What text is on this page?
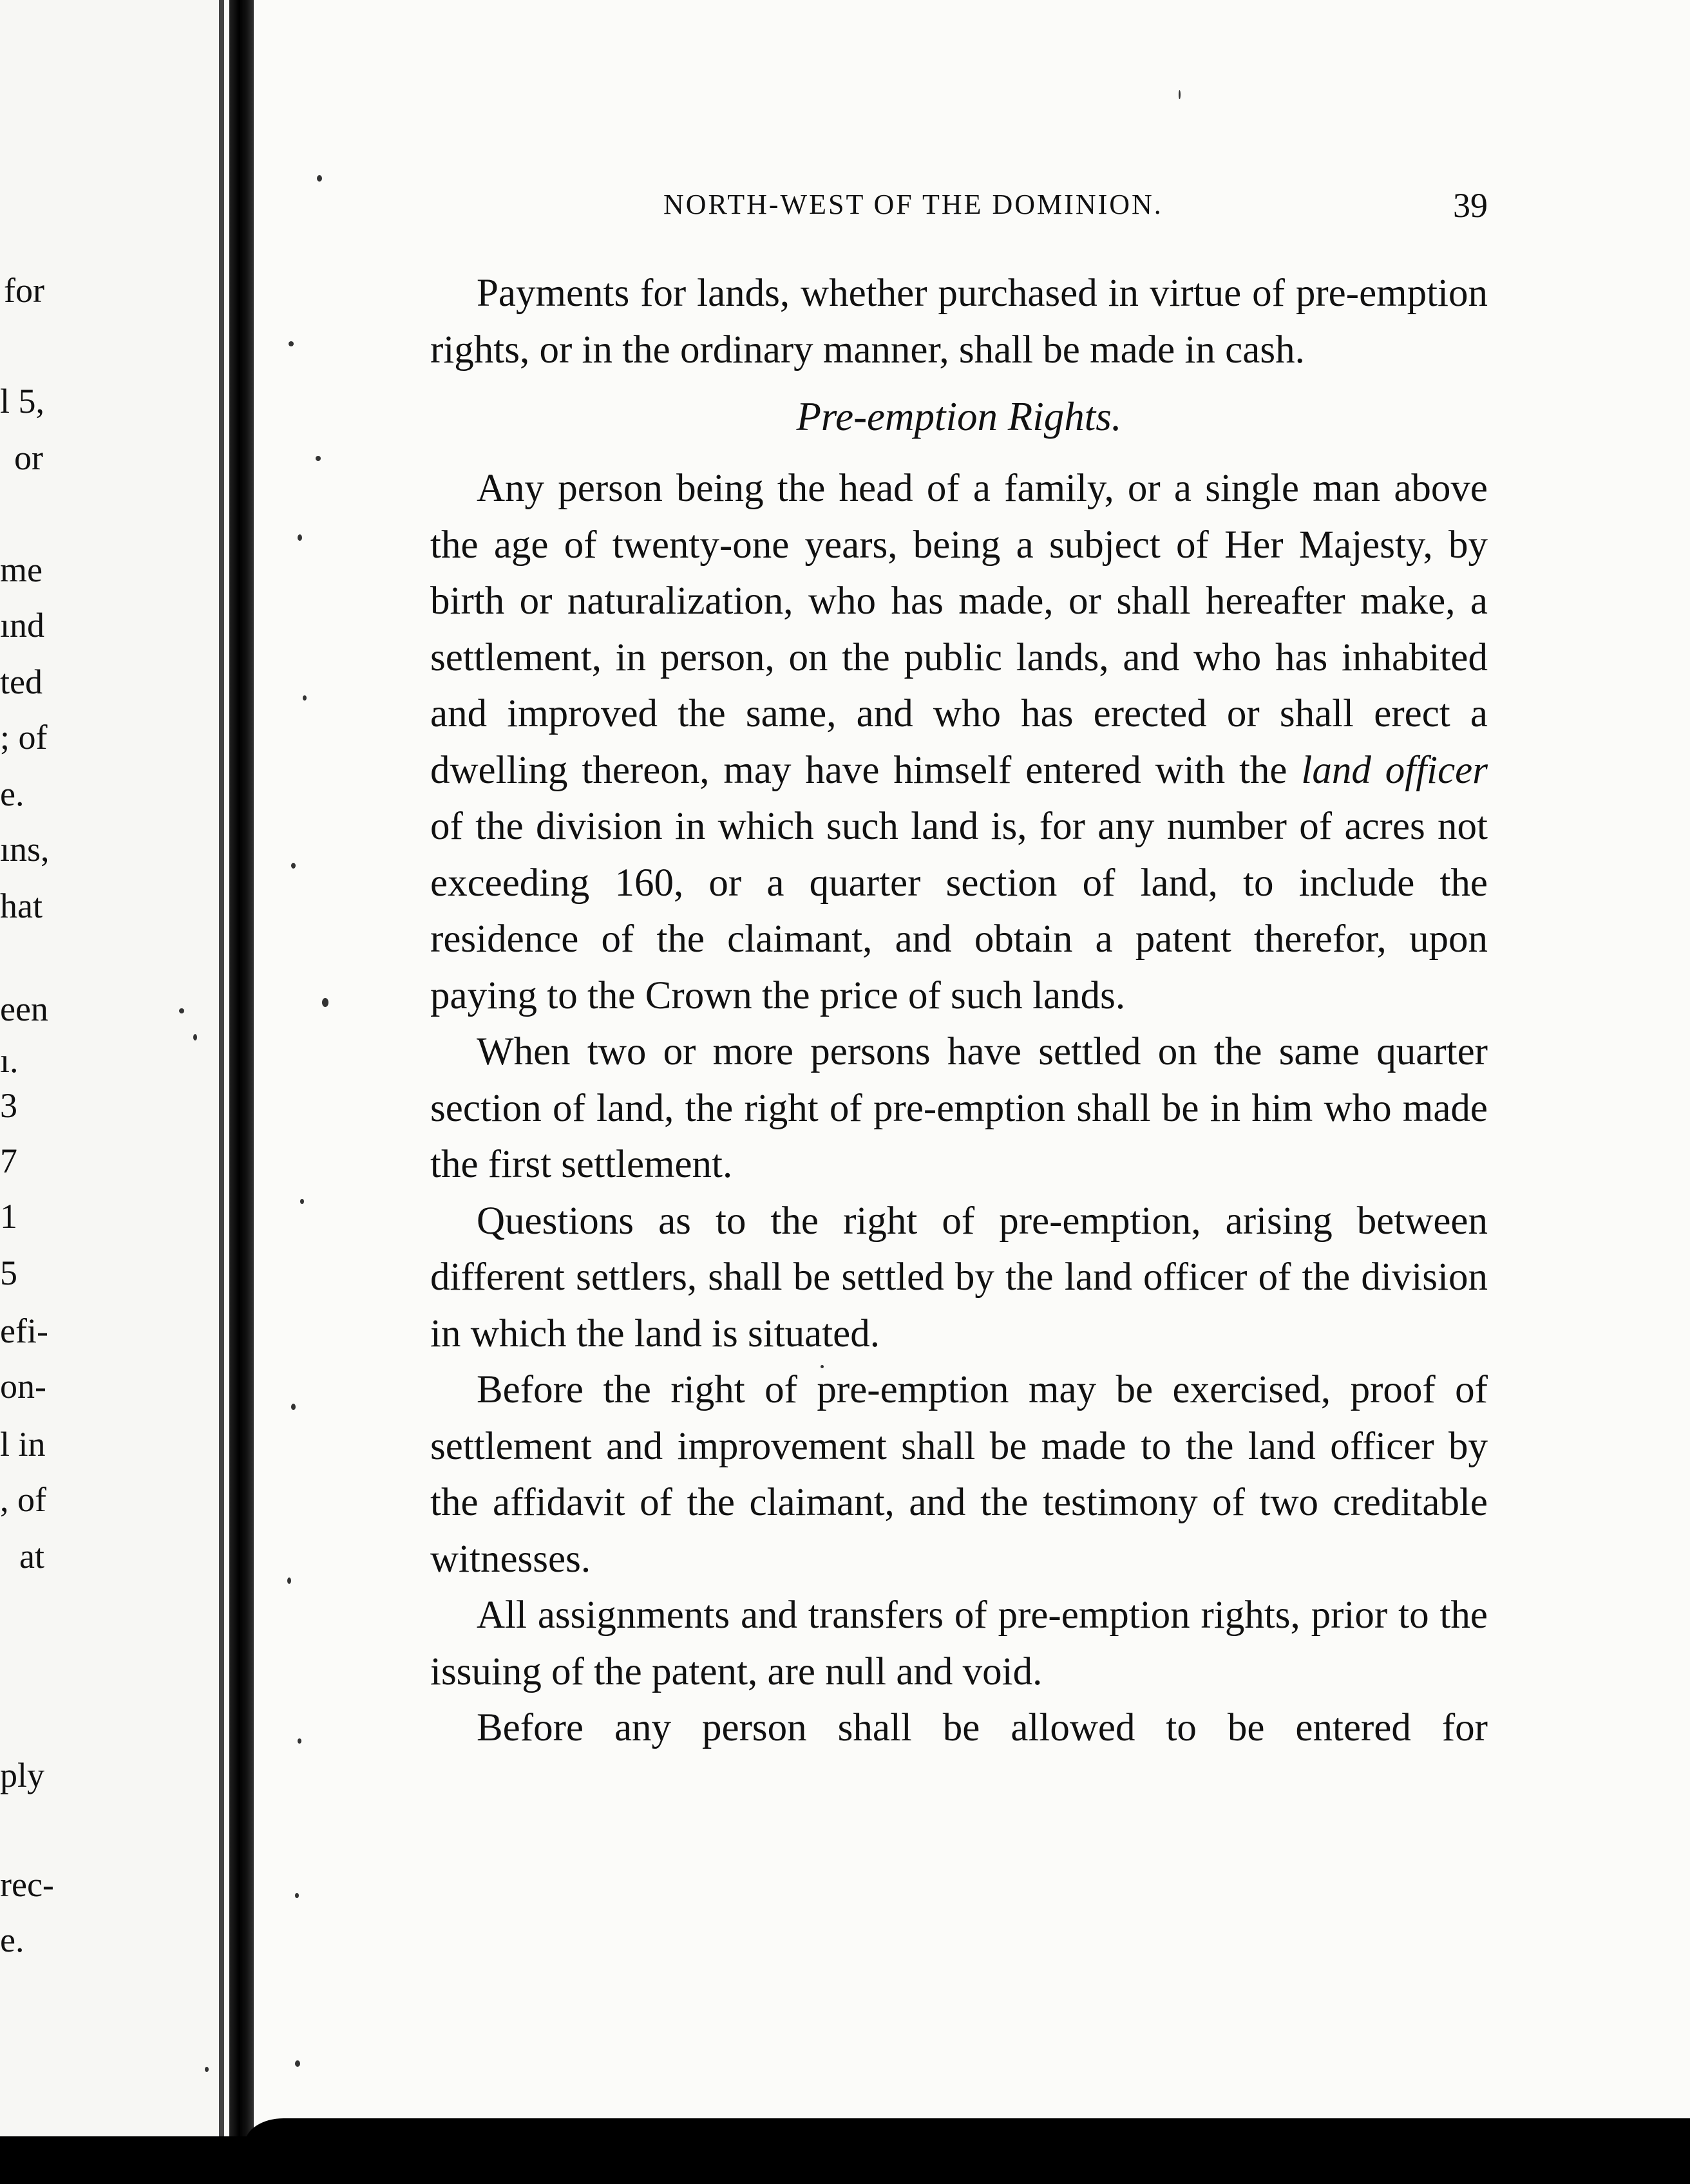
for
l 5,
or
me
ınd
ted
; of
e.
ıns,
hat
een
ı.
3
7
1
5
efi-
on-
l in
, of
at
ply
rec-
e.
NORTH-WEST OF THE DOMINION.	39

Payments for lands, whether purchased in virtue of pre-emption rights, or in the ordinary manner, shall be made in cash.

Pre-emption Rights.

Any person being the head of a family, or a single man above the age of twenty-one years, being a subject of Her Majesty, by birth or naturalization, who has made, or shall hereafter make, a settlement, in person, on the public lands, and who has inhabited and improved the same, and who has erected or shall erect a dwelling thereon, may have himself entered with the land officer of the division in which such land is, for any number of acres not exceeding 160, or a quarter section of land, to include the residence of the claimant, and obtain a patent therefor, upon paying to the Crown the price of such lands.

When two or more persons have settled on the same quarter section of land, the right of pre-emption shall be in him who made the first settlement.

Questions as to the right of pre-emption, arising between different settlers, shall be settled by the land officer of the division in which the land is situated.

Before the right of pre-emption may be exercised, proof of settlement and improvement shall be made to the land officer by the affidavit of the claimant, and the testimony of two creditable witnesses.

All assignments and transfers of pre-emption rights, prior to the issuing of the patent, are null and void.

Before any person shall be allowed to be entered for
